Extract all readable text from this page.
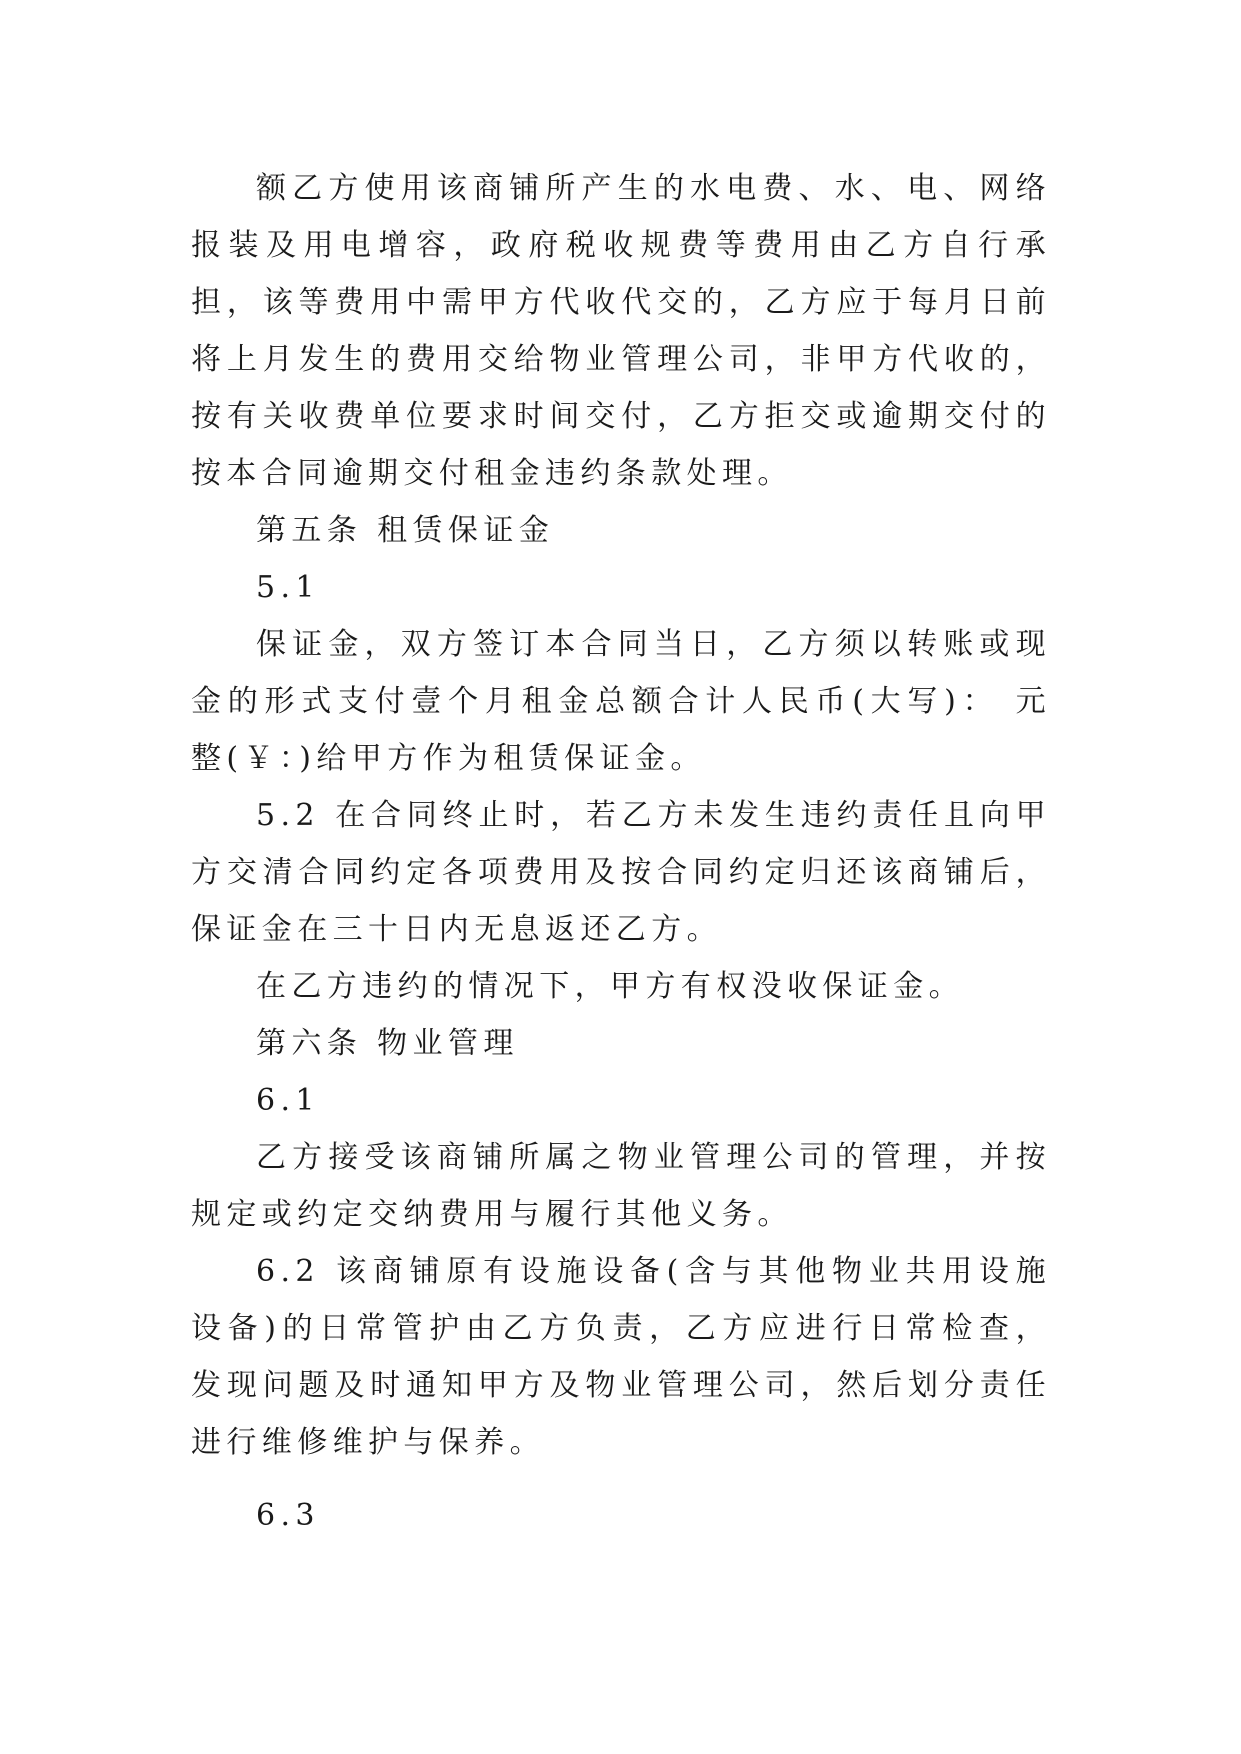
额乙方使用该商铺所产生的水电费、水、电、网络报装及用电增容，政府税收规费等费用由乙方自行承担，该等费用中需甲方代收代交的，乙方应于每月日前将上月发生的费用交给物业管理公司，非甲方代收的，按有关收费单位要求时间交付，乙方拒交或逾期交付的按本合同逾期交付租金违约条款处理。

第五条 租赁保证金

5.1

保证金，双方签订本合同当日，乙方须以转账或现金的形式支付壹个月租金总额合计人民币(大写)： 元整(￥：)给甲方作为租赁保证金。

5.2 在合同终止时，若乙方未发生违约责任且向甲方交清合同约定各项费用及按合同约定归还该商铺后，保证金在三十日内无息返还乙方。

在乙方违约的情况下，甲方有权没收保证金。

第六条 物业管理

6.1

乙方接受该商铺所属之物业管理公司的管理，并按规定或约定交纳费用与履行其他义务。

6.2 该商铺原有设施设备(含与其他物业共用设施设备)的日常管护由乙方负责，乙方应进行日常检查，发现问题及时通知甲方及物业管理公司，然后划分责任进行维修维护与保养。

6.3
